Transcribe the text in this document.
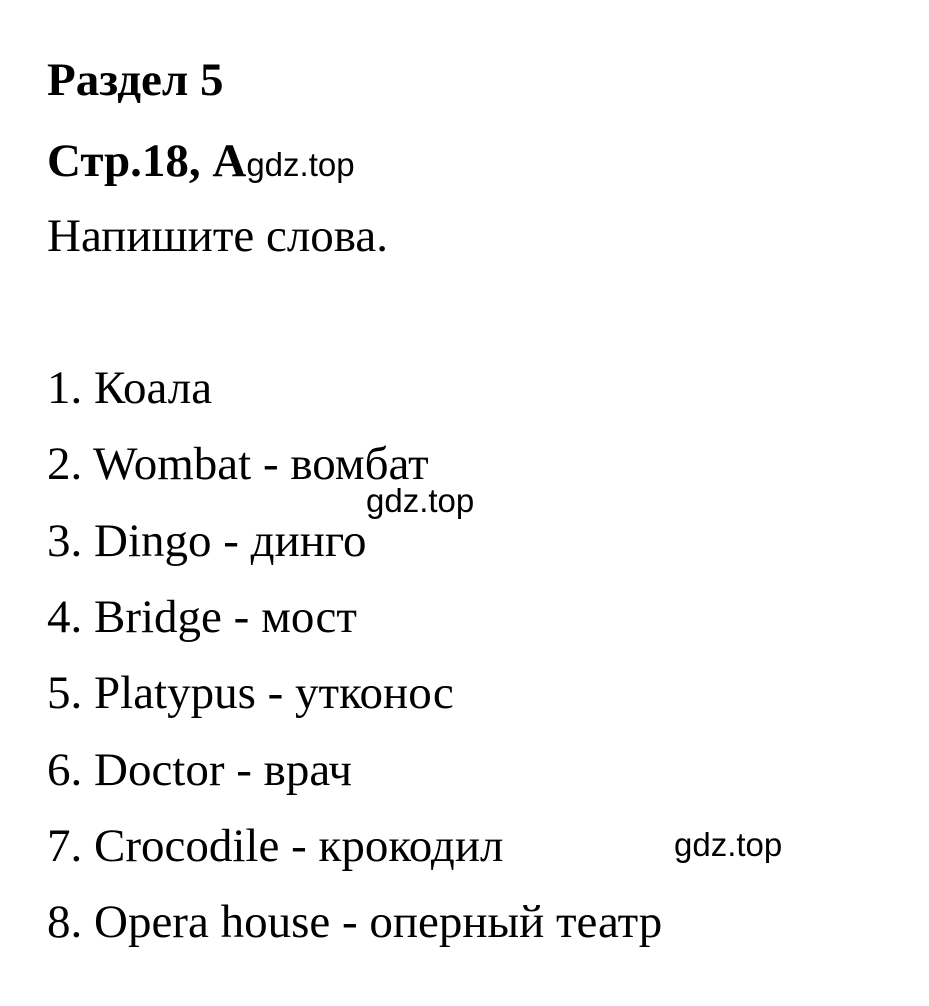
Раздел 5
Стр.18, Аgdz.top
Напишите слова.
1. Коала
2. Wombat - вомбат
3. Dingo - динго
4. Bridge - мост
5. Platypus - утконос
6. Doctor - врач
7. Crocodile - крокодил
8. Opera house - оперный театр
gdz.top
gdz.top
